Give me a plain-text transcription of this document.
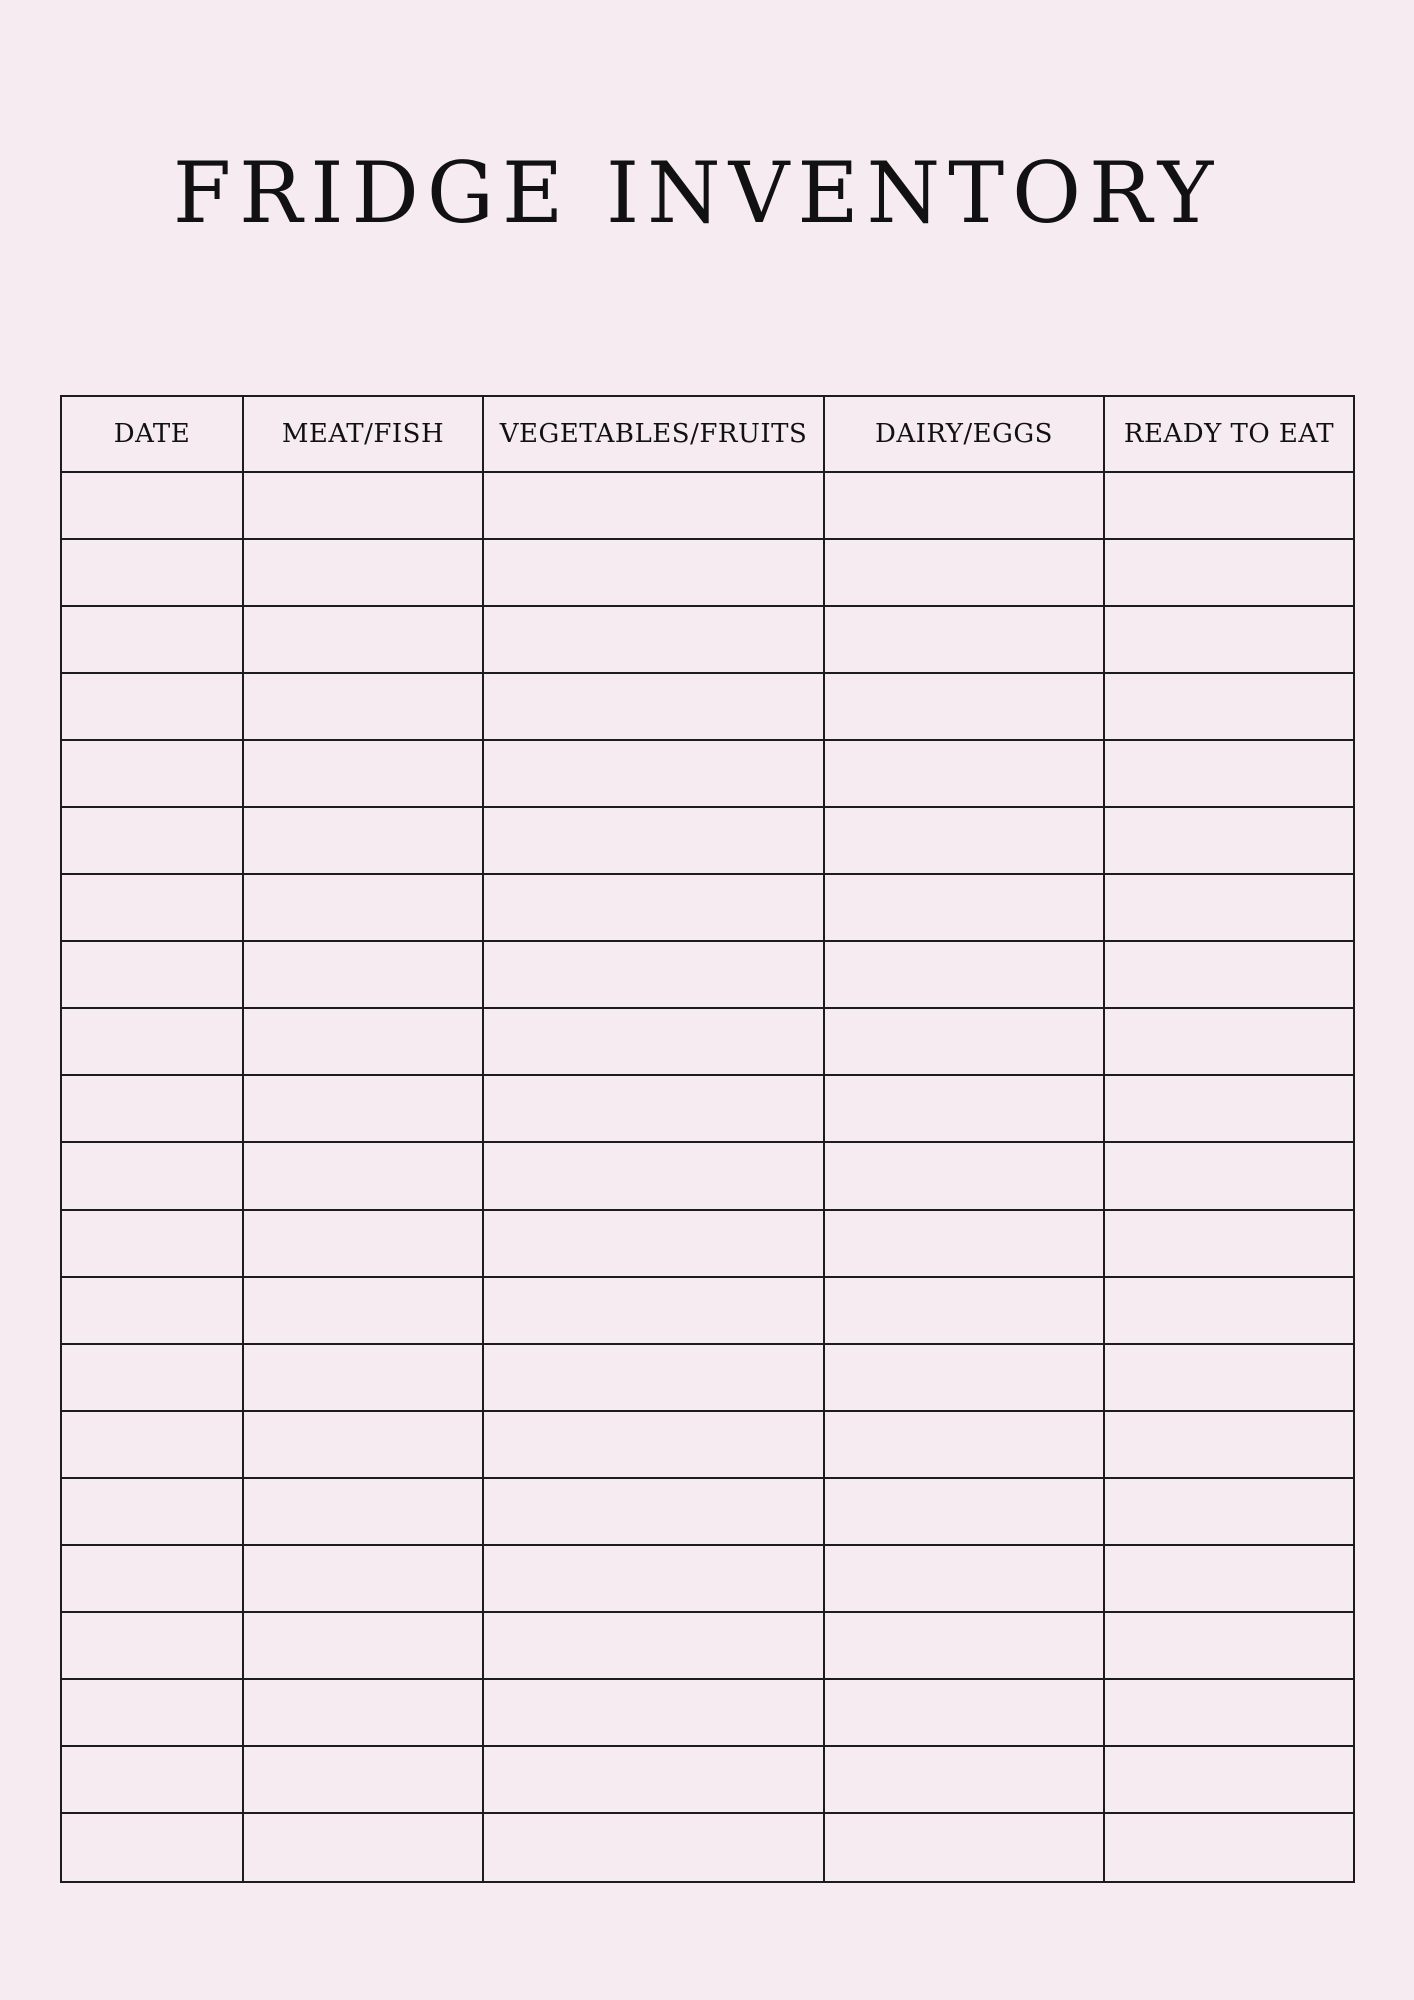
FRIDGE INVENTORY
DATE	MEAT/FISH	VEGETABLES/FRUITS	DAIRY/EGGS	READY TO EAT
